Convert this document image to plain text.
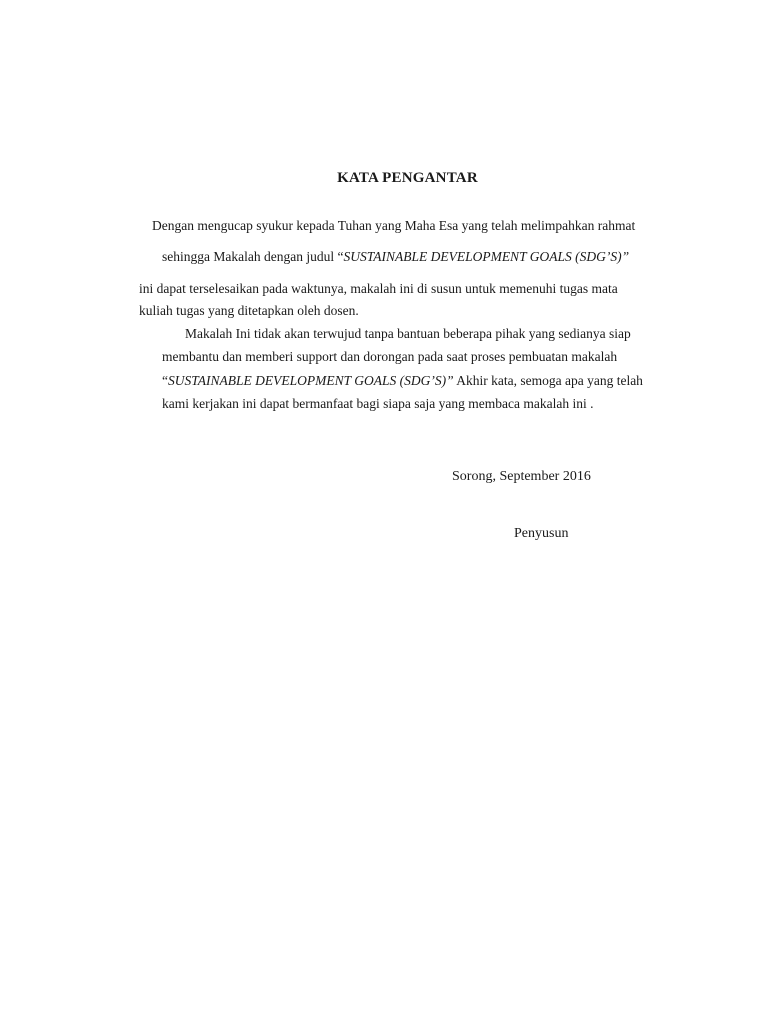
KATA PENGANTAR
Dengan mengucap syukur kepada Tuhan yang Maha Esa yang telah melimpahkan rahmat
sehingga Makalah dengan judul “SUSTAINABLE DEVELOPMENT GOALS (SDG’S)”
ini dapat terselesaikan pada waktunya, makalah ini di susun untuk memenuhi tugas mata
kuliah tugas yang ditetapkan oleh dosen.
Makalah Ini tidak akan terwujud tanpa bantuan beberapa pihak yang sedianya siap
membantu dan memberi support dan dorongan pada saat proses pembuatan makalah
“SUSTAINABLE DEVELOPMENT GOALS (SDG’S)” Akhir kata, semoga apa yang telah
kami kerjakan ini dapat bermanfaat bagi siapa saja yang membaca makalah ini .
Sorong, September 2016
Penyusun
